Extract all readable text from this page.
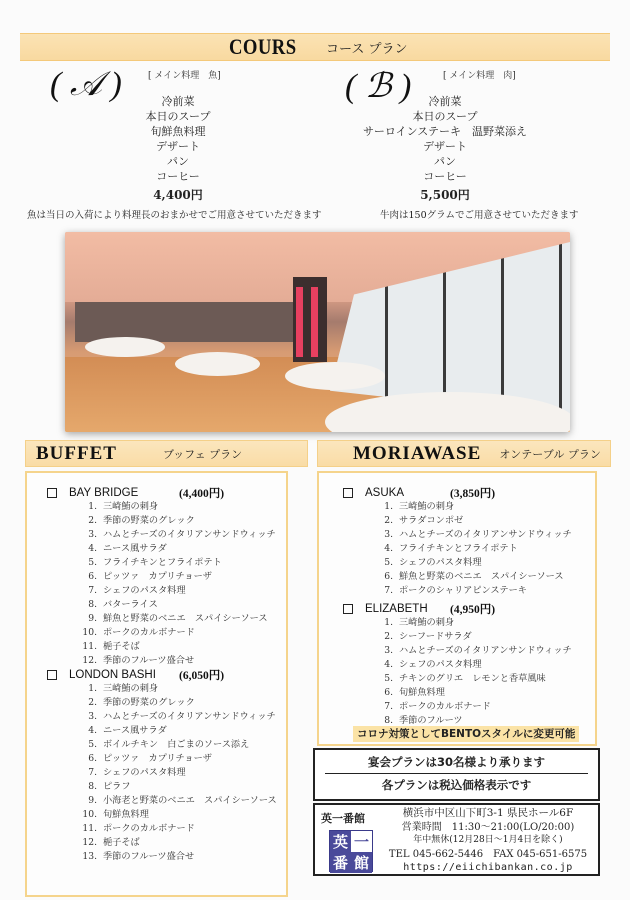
COURS コース プラン
( 𝒜 )	[ メイン料理　魚]
冷前菜
本日のスープ
旬鮮魚料理
デザート
パン
コーヒー
4,400円
魚は当日の入荷により料理長のおまかせでご用意させていただきます
( ℬ )	[ メイン料理　肉]
冷前菜
本日のスープ
サーロインステーキ　温野菜添え
デザート
パン
コーヒー
5,500円
牛肉は150グラムでご用意させていただきます
BUFFET	ブッフェ プラン	MORIAWASE オンテーブル プラン
BAY BRIDGE	(4,400円)
1. 三崎鮪の刺身
2. 季節の野菜のグレック
3. ハムとチーズのイタリアンサンドウィッチ
4. ニース風サラダ
5. フライチキンとフライポテト
6. ピッツァ　カプリチョーザ
7. シェフのパスタ料理
8. バターライス
9. 鮮魚と野菜のベニエ　スパイシーソース
10. ポークのカルボナード
11. 梔子そば
12. 季節のフルーツ盛合せ
LONDON BASHI	(6,050円)
1. 三崎鮪の刺身
2. 季節の野菜のグレック
3. ハムとチーズのイタリアンサンドウィッチ
4. ニース風サラダ
5. ボイルチキン　白ごまのソース添え
6. ピッツァ　カプリチョーザ
7. シェフのパスタ料理
8. ピラフ
9. 小海老と野菜のベニエ　スパイシーソース
10. 旬鮮魚料理
11. ポークのカルボナード
12. 梔子そば
13. 季節のフルーツ盛合せ
ASUKA	(3,850円)
1. 三崎鮪の刺身
2. サラダコンポゼ
3. ハムとチーズのイタリアンサンドウィッチ
4. フライチキンとフライポテト
5. シェフのパスタ料理
6. 鮮魚と野菜のベニエ　スパイシーソース
7. ポークのシャリアピンステーキ
ELIZABETH	(4,950円)
1. 三崎鮪の刺身
2. シーフードサラダ
3. ハムとチーズのイタリアンサンドウィッチ
4. シェフのパスタ料理
5. チキンのグリエ　レモンと香草風味
6. 旬鮮魚料理
7. ポークのカルボナード
8. 季節のフルーツ
コロナ対策としてBENTOスタイルに変更可能
宴会プランは30名様より承ります
各プランは税込価格表示です
英一番館
英 一
番 館
横浜市中区山下町3-1 県民ホール6F
営業時間　11:30～21:00(LO/20:00)
年中無休(12月28日～1月4日を除く)
TEL 045-662-5446　FAX 045-651-6575
https://eiichibankan.co.jp
